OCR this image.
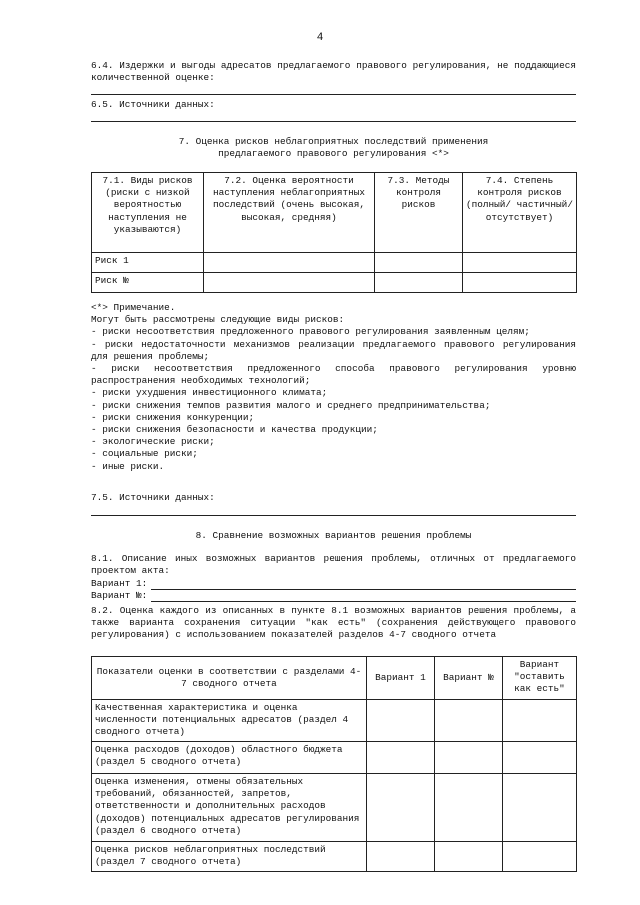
4
6.4. Издержки и выгоды адресатов предлагаемого правового регулирования, не поддающиеся количественной оценке:
6.5. Источники данных:
7. Оценка рисков неблагоприятных последствий применения
предлагаемого правового регулирования <*>
7.1. Виды рисков (риски с низкой вероятностью наступления не указываются)	7.2. Оценка вероятности наступления неблагоприятных последствий (очень высокая, высокая, средняя)	7.3. Методы контроля рисков	7.4. Степень контроля рисков (полный/ частичный/ отсутствует)
Риск 1			
Риск №			

<*> Примечание.

Могут быть рассмотрены следующие виды рисков:

- риски несоответствия предложенного правового регулирования заявленным целям;

- риски недостаточности механизмов реализации предлагаемого правового регулирования для решения проблемы;

- риски несоответствия предложенного способа правового регулирования уровню распространения необходимых технологий;

- риски ухудшения инвестиционного климата;

- риски снижения темпов развития малого и среднего предпринимательства;

- риски снижения конкуренции;

- риски снижения безопасности и качества продукции;

- экологические риски;

- социальные риски;

- иные риски.

7.5. Источники данных:
8. Сравнение возможных вариантов решения проблемы
8.1. Описание иных возможных вариантов решения проблемы, отличных от предлагаемого проектом акта:
Вариант 1:
Вариант №:
8.2. Оценка каждого из описанных в пункте 8.1 возможных вариантов решения проблемы, а также варианта сохранения ситуации "как есть" (сохранения действующего правового регулирования) с использованием показателей разделов 4-7 сводного отчета
Показатели оценки в соответствии с разделами 4-7 сводного отчета	Вариант 1	Вариант №	Вариант "оставить как есть"
Качественная характеристика и оценка численности потенциальных адресатов (раздел 4 сводного отчета)			
Оценка расходов (доходов) областного бюджета (раздел 5 сводного отчета)			
Оценка изменения, отмены обязательных требований, обязанностей, запретов, ответственности и дополнительных расходов (доходов) потенциальных адресатов регулирования (раздел 6 сводного отчета)			
Оценка рисков неблагоприятных последствий (раздел 7 сводного отчета)			
